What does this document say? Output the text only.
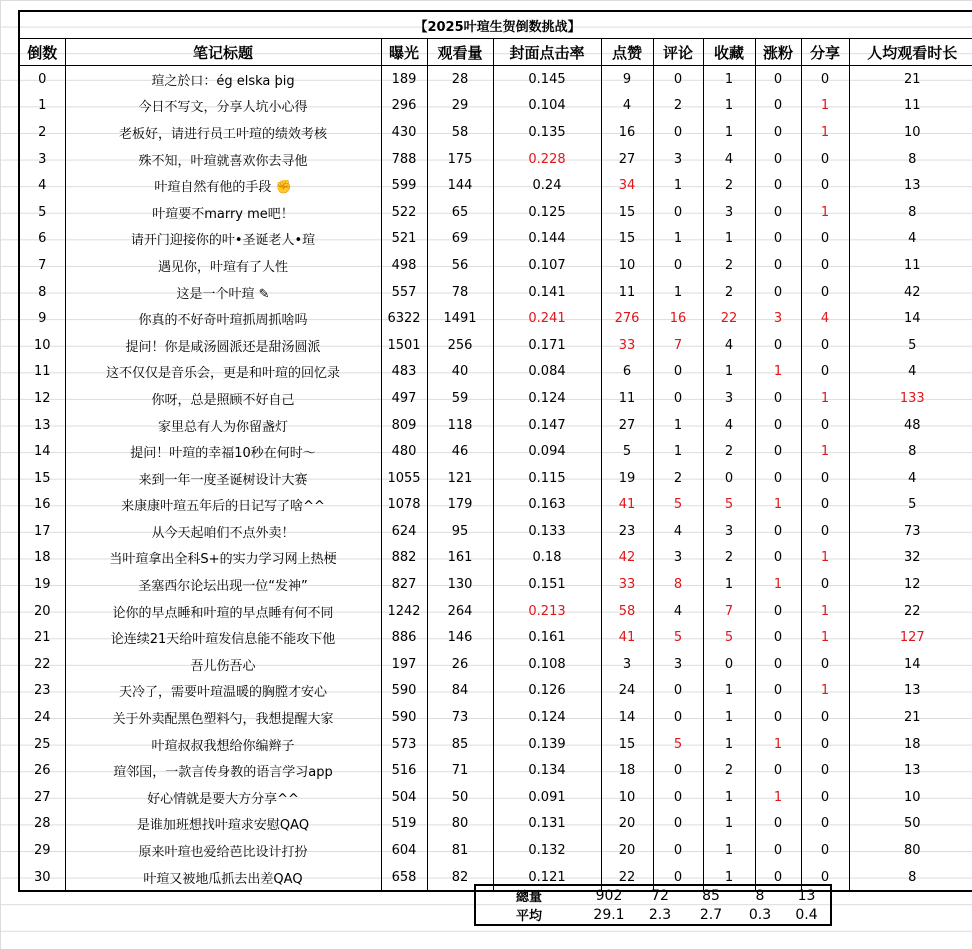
【2025叶瑄生贺倒数挑战】										
倒数	笔记标题	曝光	观看量	封面点击率	点赞	评论	收藏	涨粉	分享	人均观看时长
0	瑄之於口：ég elska þig	189	28	0.145	9	0	1	0	0	21
1	今日不写文，分享人坑小心得	296	29	0.104	4	2	1	0	1	11
2	老板好，请进行员工叶瑄的绩效考核	430	58	0.135	16	0	1	0	1	10
3	殊不知，叶瑄就喜欢你去寻他	788	175	0.228	27	3	4	0	0	8
4	叶瑄自然有他的手段 ✊	599	144	0.24	34	1	2	0	0	13
5	叶瑄要不marry me吧！	522	65	0.125	15	0	3	0	1	8
6	请开门迎接你的叶•圣诞老人•瑄	521	69	0.144	15	1	1	0	0	4
7	遇见你，叶瑄有了人性	498	56	0.107	10	0	2	0	0	11
8	这是一个叶瑄 ✎	557	78	0.141	11	1	2	0	0	42
9	你真的不好奇叶瑄抓周抓啥吗	6322	1491	0.241	276	16	22	3	4	14
10	提问！你是咸汤圆派还是甜汤圆派	1501	256	0.171	33	7	4	0	0	5
11	这不仅仅是音乐会，更是和叶瑄的回忆录	483	40	0.084	6	0	1	1	0	4
12	你呀，总是照顾不好自己	497	59	0.124	11	0	3	0	1	133
13	家里总有人为你留盏灯	809	118	0.147	27	1	4	0	0	48
14	提问！叶瑄的幸福10秒在何时～	480	46	0.094	5	1	2	0	1	8
15	来到一年一度圣诞树设计大赛	1055	121	0.115	19	2	0	0	0	4
16	来康康叶瑄五年后的日记写了啥^^	1078	179	0.163	41	5	5	1	0	5
17	从今天起咱们不点外卖！	624	95	0.133	23	4	3	0	0	73
18	当叶瑄拿出全科S+的实力学习网上热梗	882	161	0.18	42	3	2	0	1	32
19	圣塞西尔论坛出现一位“发神”	827	130	0.151	33	8	1	1	0	12
20	论你的早点睡和叶瑄的早点睡有何不同	1242	264	0.213	58	4	7	0	1	22
21	论连续21天给叶瑄发信息能不能攻下他	886	146	0.161	41	5	5	0	1	127
22	吾儿伤吾心	197	26	0.108	3	3	0	0	0	14
23	天冷了，需要叶瑄温暖的胸膛才安心	590	84	0.126	24	0	1	0	1	13
24	关于外卖配黑色塑料勺，我想提醒大家	590	73	0.124	14	0	1	0	0	21
25	叶瑄叔叔我想给你编辫子	573	85	0.139	15	5	1	1	0	18
26	瑄邻国，一款言传身教的语言学习app	516	71	0.134	18	0	2	0	0	13
27	好心情就是要大方分享^^	504	50	0.091	10	0	1	1	0	10
28	是谁加班想找叶瑄求安慰QAQ	519	80	0.131	20	0	1	0	0	50
29	原来叶瑄也爱给芭比设计打扮	604	81	0.132	20	0	1	0	0	80
30	叶瑄又被地瓜抓去出差QAQ	658	82	0.121	22	0	1	0	0	8
總量	902	72	85	8	13
平均	29.1	2.3	2.7	0.3	0.4
